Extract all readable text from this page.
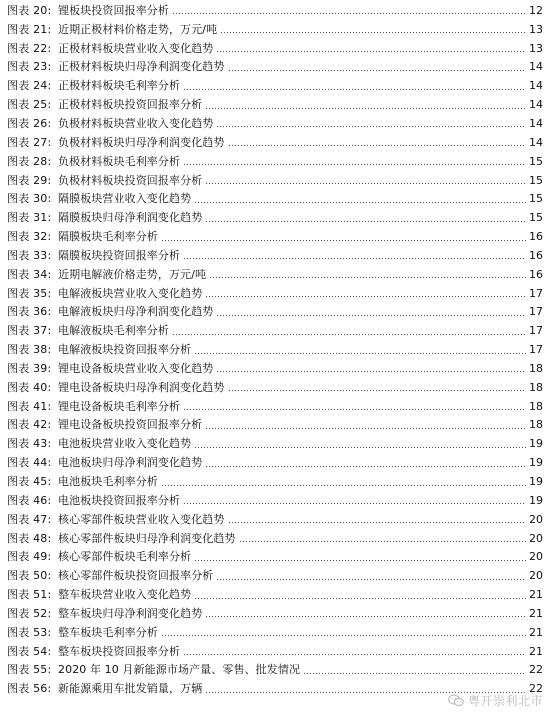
图表 20: 锂板块投资回报率分析	12
图表 21: 近期正极材料价格走势，万元/吨	13
图表 22: 正极材料板块营业收入变化趋势	13
图表 23: 正极材料板块归母净利润变化趋势	14
图表 24: 正极材料板块毛利率分析	14
图表 25: 正极材料板块投资回报率分析	14
图表 26: 负极材料板块营业收入变化趋势	14
图表 27: 负极材料板块归母净利润变化趋势	14
图表 28: 负极材料板块毛利率分析	15
图表 29: 负极材料板块投资回报率分析	15
图表 30: 隔膜板块营业收入变化趋势	15
图表 31: 隔膜板块归母净利润变化趋势	15
图表 32: 隔膜板块毛利率分析	16
图表 33: 隔膜板块投资回报率分析	16
图表 34: 近期电解液价格走势，万元/吨	16
图表 35: 电解液板块营业收入变化趋势	17
图表 36: 电解液板块归母净利润变化趋势	17
图表 37: 电解液板块毛利率分析	17
图表 38: 电解液板块投资回报率分析	17
图表 39: 锂电设备板块营业收入变化趋势	18
图表 40: 锂电设备板块归母净利润变化趋势	18
图表 41: 锂电设备板块毛利率分析	18
图表 42: 锂电设备板块投资回报率分析	18
图表 43: 电池板块营业收入变化趋势	19
图表 44: 电池板块归母净利润变化趋势	19
图表 45: 电池板块毛利率分析	19
图表 46: 电池板块投资回报率分析	19
图表 47: 核心零部件板块营业收入变化趋势	20
图表 48: 核心零部件板块归母净利润变化趋势	20
图表 49: 核心零部件板块毛利率分析	20
图表 50: 核心零部件板块投资回报率分析	20
图表 51: 整车板块营业收入变化趋势	21
图表 52: 整车板块归母净利润变化趋势	21
图表 53: 整车板块毛利率分析	21
图表 54: 整车板块投资回报率分析	21
图表 55: 2020 年 10 月新能源市场产量、零售、批发情况	22
图表 56: 新能源乘用车批发销量，万辆	22
粤开崇利北市
